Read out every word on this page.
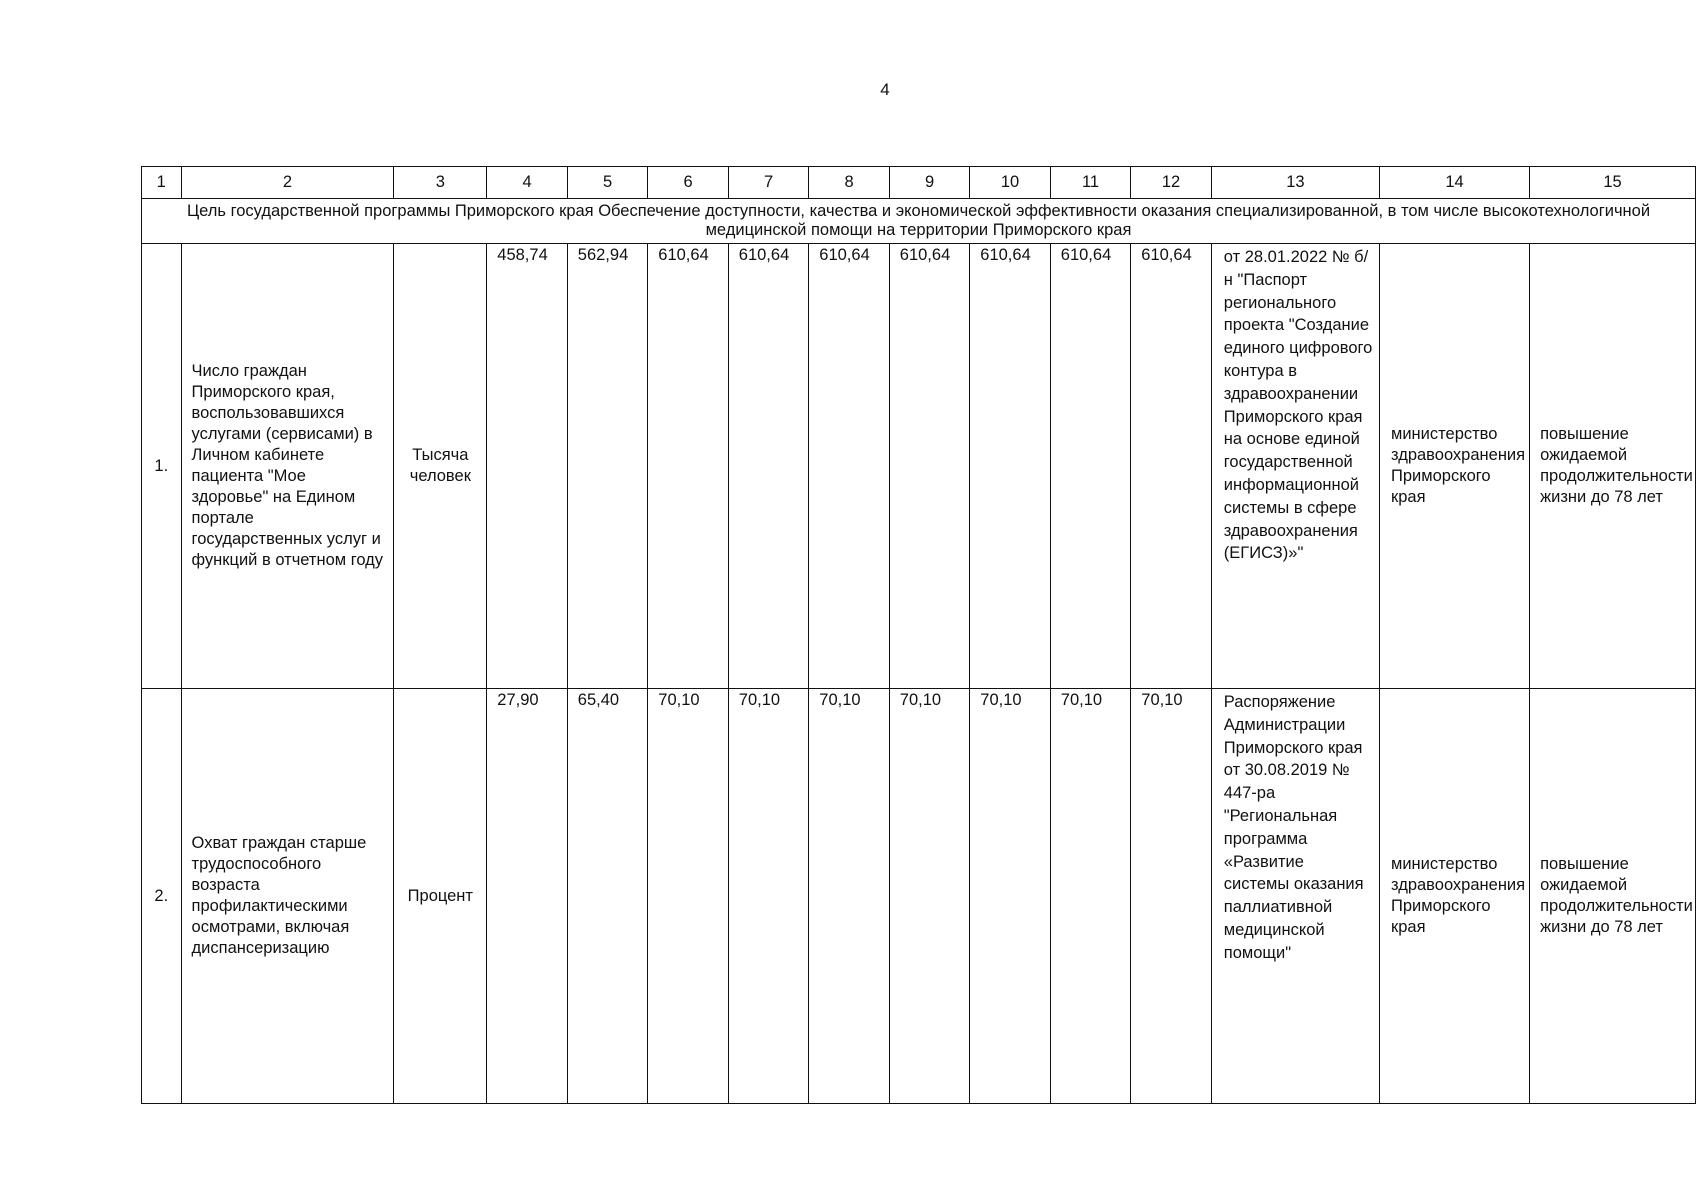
4
1	2	3	4	5	6	7	8	9	10	11	12	13	14	15
Цель государственной программы Приморского края Обеспечение доступности, качества и экономической эффективности оказания специализированной, в том числе высокотехнологичной медицинской помощи на территории Приморского края														
1.	Число граждан Приморского края, воспользовавшихся услугами (сервисами) в Личном кабинете пациента "Мое здоровье" на Едином портале государственных услуг и функций в отчетном году	Тысяча человек	458,74	562,94	610,64	610,64	610,64	610,64	610,64	610,64	610,64	от 28.01.2022 № б/н "Паспорт регионального проекта "Создание единого цифрового контура в здравоохранении Приморского края на основе единой государственной информационной системы в сфере здравоохранения (ЕГИСЗ)»"	министерство здравоохранения Приморского края	повышение ожидаемой продолжительности жизни до 78 лет
2.	Охват граждан старше трудоспособного возраста профилактическими осмотрами, включая диспансеризацию	Процент	27,90	65,40	70,10	70,10	70,10	70,10	70,10	70,10	70,10	Распоряжение Администрации Приморского края от 30.08.2019 № 447-ра "Региональная программа «Развитие системы оказания паллиативной медицинской помощи"	министерство здравоохранения Приморского края	повышение ожидаемой продолжительности жизни до 78 лет
